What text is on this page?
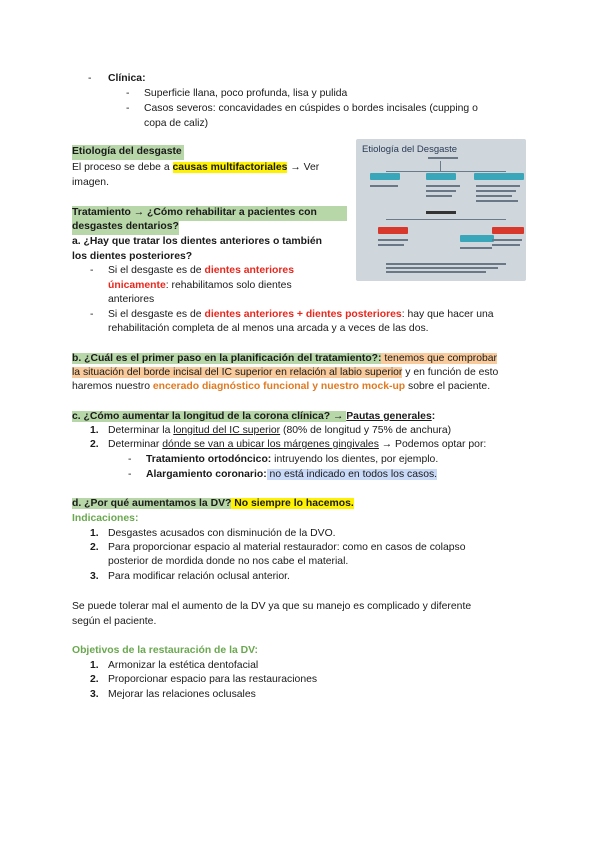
- Clínica:
- Superficie llana, poco profunda, lisa y pulida
- Casos severos: concavidades en cúspides o bordes incisales (cupping o
copa de caliz)
Etiología del desgaste
El proceso se debe a causas multifactoriales → Ver
imagen.
Etiología del Desgaste
Tratamiento → ¿Cómo rehabilitar a pacientes con
desgastes dentarios?
a. ¿Hay que tratar los dientes anteriores o también
los dientes posteriores?
- Si el desgaste es de dientes anteriores
únicamente: rehabilitamos solo dientes
anteriores
- Si el desgaste es de dientes anteriores + dientes posteriores: hay que hacer una
rehabilitación completa de al menos una arcada y a veces de las dos.
b. ¿Cuál es el primer paso en la planificación del tratamiento?: tenemos que comprobar
la situación del borde incisal del IC superior en relación al labio superior y en función de esto
haremos nuestro encerado diagnóstico funcional y nuestro mock-up sobre el paciente.
c. ¿Cómo aumentar la longitud de la corona clínica? → Pautas generales:
1. Determinar la longitud del IC superior (80% de longitud y 75% de anchura)
2. Determinar dónde se van a ubicar los márgenes gingivales → Podemos optar por:
- Tratamiento ortodóncico: intruyendo los dientes, por ejemplo.
- Alargamiento coronario: no está indicado en todos los casos.
d. ¿Por qué aumentamos la DV? No siempre lo hacemos.
Indicaciones:
1. Desgastes acusados con disminución de la DVO.
2. Para proporcionar espacio al material restaurador: como en casos de colapso
posterior de mordida donde no nos cabe el material.
3. Para modificar relación oclusal anterior.
Se puede tolerar mal el aumento de la DV ya que su manejo es complicado y diferente
según el paciente.
Objetivos de la restauración de la DV:
1. Armonizar la estética dentofacial
2. Proporcionar espacio para las restauraciones
3. Mejorar las relaciones oclusales
